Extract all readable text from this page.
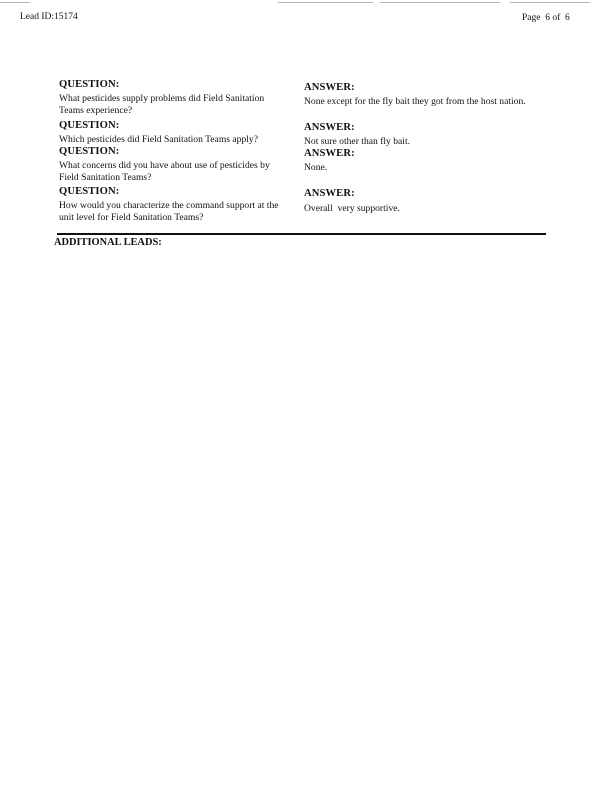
Lead ID:15174	Page 6 of 6
QUESTION:
What pesticides supply problems did Field Sanitation Teams experience?
ANSWER:
None except for the fly bait they got from the host nation.
QUESTION:
Which pesticides did Field Sanitation Teams apply?
ANSWER:
Not sure other than fly bait.
QUESTION:
What concerns did you have about use of pesticides by Field Sanitation Teams?
ANSWER:
None.
QUESTION:
How would you characterize the command support at the unit level for Field Sanitation Teams?
ANSWER:
Overall  very supportive.
ADDITIONAL LEADS:
